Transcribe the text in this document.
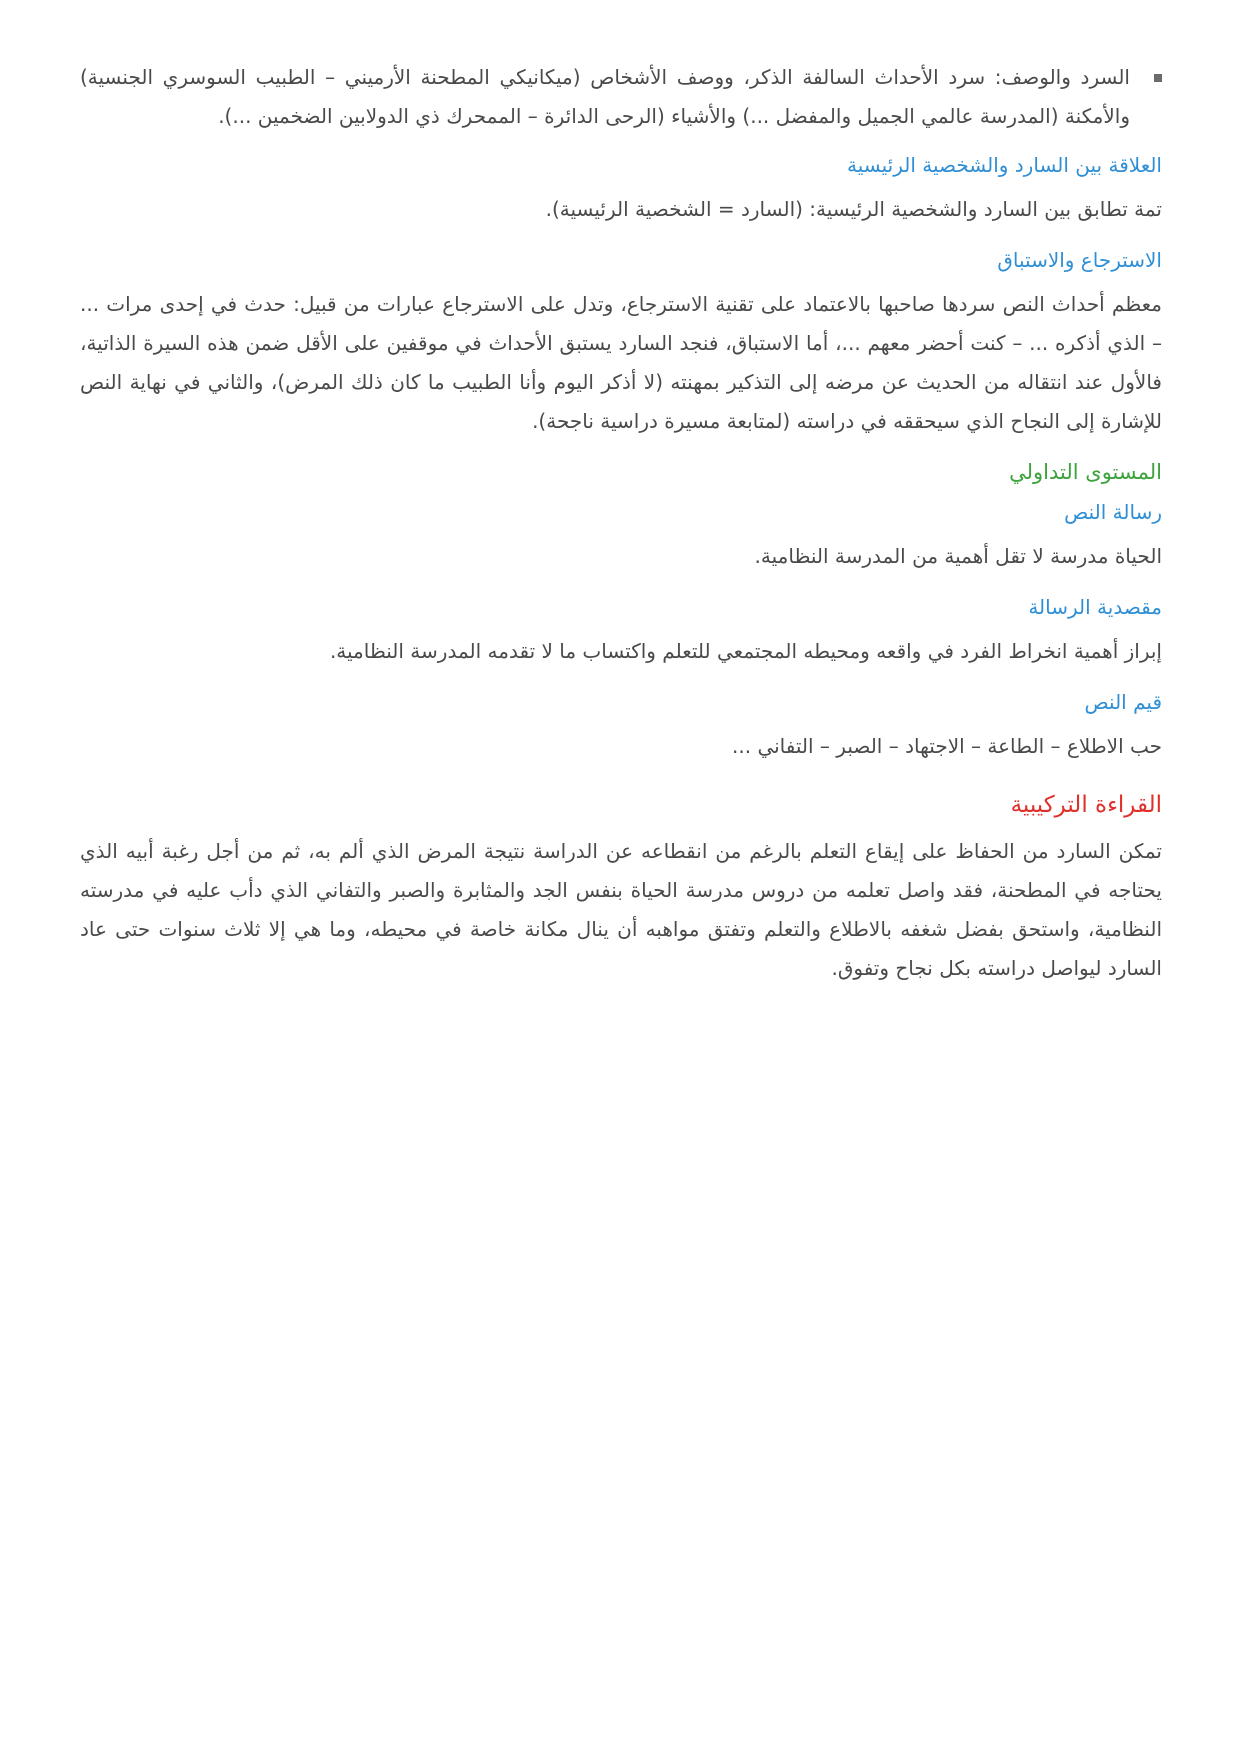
السرد والوصف: سرد الأحداث السالفة الذكر، ووصف الأشخاص (ميكانيكي المطحنة الأرميني – الطبيب السوسري الجنسية) والأمكنة (المدرسة عالمي الجميل والمفضل ...) والأشياء (الرحى الدائرة – الممحرك ذي الدولابين الضخمين ...).
العلاقة بين السارد والشخصية الرئيسية

تمة تطابق بين السارد والشخصية الرئيسية: (السارد = الشخصية الرئيسية).

الاسترجاع والاستباق

معظم أحداث النص سردها صاحبها بالاعتماد على تقنية الاسترجاع، وتدل على الاسترجاع عبارات من قبيل: حدث في إحدى مرات ... – الذي أذكره ... – كنت أحضر معهم ...، أما الاستباق، فنجد السارد يستبق الأحداث في موقفين على الأقل ضمن هذه السيرة الذاتية، فالأول عند انتقاله من الحديث عن مرضه إلى التذكير بمهنته (لا أذكر اليوم وأنا الطبيب ما كان ذلك المرض)، والثاني في نهاية النص للإشارة إلى النجاح الذي سيحققه في دراسته (لمتابعة مسيرة دراسية ناجحة).

المستوى التداولي
رسالة النص

الحياة مدرسة لا تقل أهمية من المدرسة النظامية.

مقصدية الرسالة

إبراز أهمية انخراط الفرد في واقعه ومحيطه المجتمعي للتعلم واكتساب ما لا تقدمه المدرسة النظامية.

قيم النص

حب الاطلاع – الطاعة – الاجتهاد – الصبر – التفاني ...

القراءة التركيبية

تمكن السارد من الحفاظ على إيقاع التعلم بالرغم من انقطاعه عن الدراسة نتيجة المرض الذي ألم به، ثم من أجل رغبة أبيه الذي يحتاجه في المطحنة، فقد واصل تعلمه من دروس مدرسة الحياة بنفس الجد والمثابرة والصبر والتفاني الذي دأب عليه في مدرسته النظامية، واستحق بفضل شغفه بالاطلاع والتعلم وتفتق مواهبه أن ينال مكانة خاصة في محيطه، وما هي إلا ثلاث سنوات حتى عاد السارد ليواصل دراسته بكل نجاح وتفوق.
